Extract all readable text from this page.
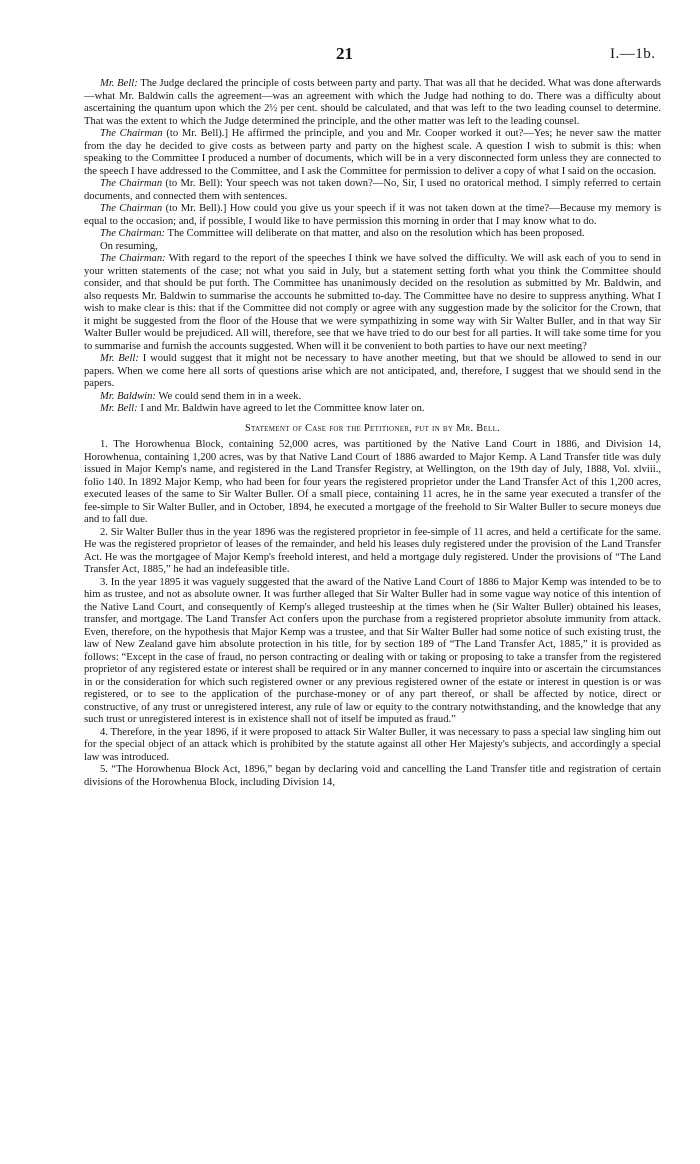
21	I.—1b.

Mr. Bell: The Judge declared the principle of costs between party and party. That was all that he decided. What was done afterwards—what Mr. Baldwin calls the agreement—was an agreement with which the Judge had nothing to do. There was a difficulty about ascertaining the quantum upon which the 2½ per cent. should be calculated, and that was left to the two leading counsel to determine. That was the extent to which the Judge determined the principle, and the other matter was left to the leading counsel.

The Chairman (to Mr. Bell).] He affirmed the principle, and you and Mr. Cooper worked it out?—Yes; he never saw the matter from the day he decided to give costs as between party and party on the highest scale. A question I wish to submit is this: when speaking to the Committee I produced a number of documents, which will be in a very disconnected form unless they are connected to the speech I have addressed to the Committee, and I ask the Committee for permission to deliver a copy of what I said on the occasion.

The Chairman (to Mr. Bell): Your speech was not taken down?—No, Sir, I used no oratorical method. I simply referred to certain documents, and connected them with sentences.

The Chairman (to Mr. Bell).] How could you give us your speech if it was not taken down at the time?—Because my memory is equal to the occasion; and, if possible, I would like to have permission this morning in order that I may know what to do.

The Chairman: The Committee will deliberate on that matter, and also on the resolution which has been proposed.

On resuming,

The Chairman: With regard to the report of the speeches I think we have solved the difficulty. We will ask each of you to send in your written statements of the case; not what you said in July, but a statement setting forth what you think the Committee should consider, and that should be put forth. The Committee has unanimously decided on the resolution as submitted by Mr. Baldwin, and also requests Mr. Baldwin to summarise the accounts he submitted to-day. The Committee have no desire to suppress anything. What I wish to make clear is this: that if the Committee did not comply or agree with any suggestion made by the solicitor for the Crown, that it might be suggested from the floor of the House that we were sympathizing in some way with Sir Walter Buller, and in that way Sir Walter Buller would be prejudiced. All will, therefore, see that we have tried to do our best for all parties. It will take some time for you to summarise and furnish the accounts suggested. When will it be convenient to both parties to have our next meeting?

Mr. Bell: I would suggest that it might not be necessary to have another meeting, but that we should be allowed to send in our papers. When we come here all sorts of questions arise which are not anticipated, and, therefore, I suggest that we should send in the papers.

Mr. Baldwin: We could send them in in a week.

Mr. Bell: I and Mr. Baldwin have agreed to let the Committee know later on.

Statement of Case for the Petitioner, put in by Mr. Bell.

1. The Horowhenua Block, containing 52,000 acres, was partitioned by the Native Land Court in 1886, and Division 14, Horowhenua, containing 1,200 acres, was by that Native Land Court of 1886 awarded to Major Kemp. A Land Transfer title was duly issued in Major Kemp's name, and registered in the Land Transfer Registry, at Wellington, on the 19th day of July, 1888, Vol. xlviii., folio 140. In 1892 Major Kemp, who had been for four years the registered proprietor under the Land Transfer Act of this 1,200 acres, executed leases of the same to Sir Walter Buller. Of a small piece, containing 11 acres, he in the same year executed a transfer of the fee-simple to Sir Walter Buller, and in October, 1894, he executed a mortgage of the freehold to Sir Walter Buller to secure moneys due and to fall due.

2. Sir Walter Buller thus in the year 1896 was the registered proprietor in fee-simple of 11 acres, and held a certificate for the same. He was the registered proprietor of leases of the remainder, and held his leases duly registered under the provision of the Land Transfer Act. He was the mortgagee of Major Kemp's freehold interest, and held a mortgage duly registered. Under the provisions of “The Land Transfer Act, 1885,” he had an indefeasible title.

3. In the year 1895 it was vaguely suggested that the award of the Native Land Court of 1886 to Major Kemp was intended to be to him as trustee, and not as absolute owner. It was further alleged that Sir Walter Buller had in some vague way notice of this intention of the Native Land Court, and consequently of Kemp's alleged trusteeship at the times when he (Sir Walter Buller) obtained his leases, transfer, and mortgage. The Land Transfer Act confers upon the purchase from a registered proprietor absolute immunity from attack. Even, therefore, on the hypothesis that Major Kemp was a trustee, and that Sir Walter Buller had some notice of such existing trust, the law of New Zealand gave him absolute protection in his title, for by section 189 of “The Land Transfer Act, 1885,” it is provided as follows: “Except in the case of fraud, no person contracting or dealing with or taking or proposing to take a transfer from the registered proprietor of any registered estate or interest shall be required or in any manner concerned to inquire into or ascertain the circumstances in or the consideration for which such registered owner or any previous registered owner of the estate or interest in question is or was registered, or to see to the application of the purchase-money or of any part thereof, or shall be affected by notice, direct or constructive, of any trust or unregistered interest, any rule of law or equity to the contrary notwithstanding, and the knowledge that any such trust or unregistered interest is in existence shall not of itself be imputed as fraud.”

4. Therefore, in the year 1896, if it were proposed to attack Sir Walter Buller, it was necessary to pass a special law singling him out for the special object of an attack which is prohibited by the statute against all other Her Majesty's subjects, and accordingly a special law was introduced.

5. “The Horowhenua Block Act, 1896,” began by declaring void and cancelling the Land Transfer title and registration of certain divisions of the Horowhenua Block, including Division 14,
